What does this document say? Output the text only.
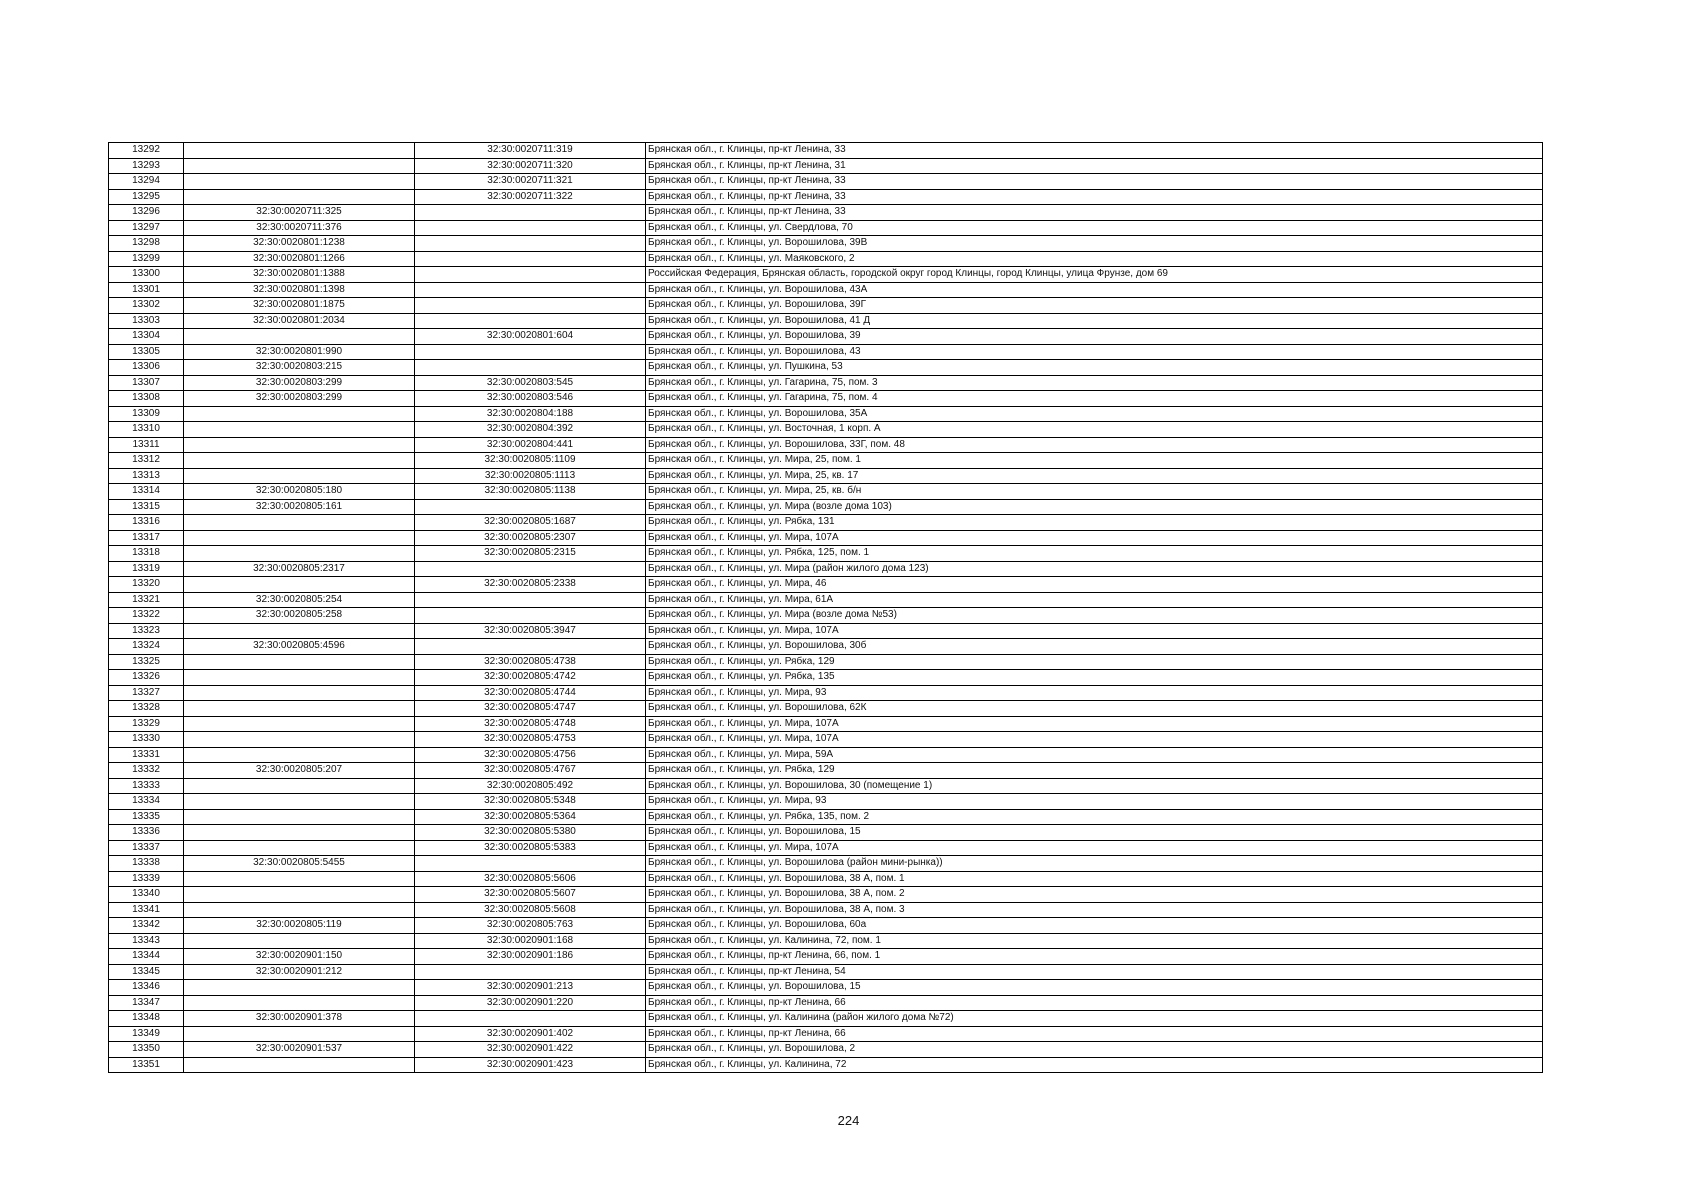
13292		32:30:0020711:319	Брянская обл., г. Клинцы, пр-кт Ленина, 33
13293		32:30:0020711:320	Брянская обл., г. Клинцы, пр-кт Ленина, 31
13294		32:30:0020711:321	Брянская обл., г. Клинцы, пр-кт Ленина, 33
13295		32:30:0020711:322	Брянская обл., г. Клинцы, пр-кт Ленина, 33
13296	32:30:0020711:325		Брянская обл., г. Клинцы, пр-кт Ленина, 33
13297	32:30:0020711:376		Брянская обл., г. Клинцы, ул. Свердлова, 70
13298	32:30:0020801:1238		Брянская обл., г. Клинцы, ул. Ворошилова, 39В
13299	32:30:0020801:1266		Брянская обл., г. Клинцы, ул. Маяковского, 2
13300	32:30:0020801:1388		Российская Федерация, Брянская область, городской округ город Клинцы, город Клинцы, улица Фрунзе, дом 69
13301	32:30:0020801:1398		Брянская обл., г. Клинцы, ул. Ворошилова, 43А
13302	32:30:0020801:1875		Брянская обл., г. Клинцы, ул. Ворошилова, 39Г
13303	32:30:0020801:2034		Брянская обл., г. Клинцы, ул. Ворошилова, 41 Д
13304		32:30:0020801:604	Брянская обл., г. Клинцы, ул. Ворошилова, 39
13305	32:30:0020801:990		Брянская обл., г. Клинцы, ул. Ворошилова, 43
13306	32:30:0020803:215		Брянская обл., г. Клинцы, ул. Пушкина, 53
13307	32:30:0020803:299	32:30:0020803:545	Брянская обл., г. Клинцы, ул. Гагарина, 75, пом. 3
13308	32:30:0020803:299	32:30:0020803:546	Брянская обл., г. Клинцы, ул. Гагарина, 75, пом. 4
13309		32:30:0020804:188	Брянская обл., г. Клинцы, ул. Ворошилова, 35А
13310		32:30:0020804:392	Брянская обл., г. Клинцы, ул. Восточная, 1 корп. А
13311		32:30:0020804:441	Брянская обл., г. Клинцы, ул. Ворошилова, 33Г, пом. 48
13312		32:30:0020805:1109	Брянская обл., г. Клинцы, ул. Мира, 25, пом. 1
13313		32:30:0020805:1113	Брянская обл., г. Клинцы, ул. Мира, 25, кв. 17
13314	32:30:0020805:180	32:30:0020805:1138	Брянская обл., г. Клинцы, ул. Мира, 25, кв. б/н
13315	32:30:0020805:161		Брянская обл., г. Клинцы, ул. Мира (возле дома 103)
13316		32:30:0020805:1687	Брянская обл., г. Клинцы, ул. Рябка, 131
13317		32:30:0020805:2307	Брянская обл., г. Клинцы, ул. Мира, 107А
13318		32:30:0020805:2315	Брянская обл., г. Клинцы, ул. Рябка, 125, пом. 1
13319	32:30:0020805:2317		Брянская обл., г. Клинцы, ул. Мира (район жилого дома 123)
13320		32:30:0020805:2338	Брянская обл., г. Клинцы, ул. Мира, 46
13321	32:30:0020805:254		Брянская обл., г. Клинцы, ул. Мира, 61А
13322	32:30:0020805:258		Брянская обл., г. Клинцы, ул. Мира (возле дома №53)
13323		32:30:0020805:3947	Брянская обл., г. Клинцы, ул. Мира, 107А
13324	32:30:0020805:4596		Брянская обл., г. Клинцы, ул. Ворошилова, 30б
13325		32:30:0020805:4738	Брянская обл., г. Клинцы, ул. Рябка, 129
13326		32:30:0020805:4742	Брянская обл., г. Клинцы, ул. Рябка, 135
13327		32:30:0020805:4744	Брянская обл., г. Клинцы, ул. Мира, 93
13328		32:30:0020805:4747	Брянская обл., г. Клинцы, ул. Ворошилова, 62К
13329		32:30:0020805:4748	Брянская обл., г. Клинцы, ул. Мира, 107А
13330		32:30:0020805:4753	Брянская обл., г. Клинцы, ул. Мира, 107А
13331		32:30:0020805:4756	Брянская обл., г. Клинцы, ул. Мира, 59А
13332	32:30:0020805:207	32:30:0020805:4767	Брянская обл., г. Клинцы, ул. Рябка, 129
13333		32:30:0020805:492	Брянская обл., г. Клинцы, ул. Ворошилова, 30 (помещение 1)
13334		32:30:0020805:5348	Брянская обл., г. Клинцы, ул. Мира, 93
13335		32:30:0020805:5364	Брянская обл., г. Клинцы, ул. Рябка, 135, пом. 2
13336		32:30:0020805:5380	Брянская обл., г. Клинцы, ул. Ворошилова, 15
13337		32:30:0020805:5383	Брянская обл., г. Клинцы, ул. Мира, 107А
13338	32:30:0020805:5455		Брянская обл., г. Клинцы, ул. Ворошилова (район мини-рынка))
13339		32:30:0020805:5606	Брянская обл., г. Клинцы, ул. Ворошилова, 38 А, пом. 1
13340		32:30:0020805:5607	Брянская обл., г. Клинцы, ул. Ворошилова, 38 А, пом. 2
13341		32:30:0020805:5608	Брянская обл., г. Клинцы, ул. Ворошилова, 38 А, пом. 3
13342	32:30:0020805:119	32:30:0020805:763	Брянская обл., г. Клинцы, ул. Ворошилова, 60а
13343		32:30:0020901:168	Брянская обл., г. Клинцы, ул. Калинина, 72, пом. 1
13344	32:30:0020901:150	32:30:0020901:186	Брянская обл., г. Клинцы, пр-кт Ленина, 66, пом. 1
13345	32:30:0020901:212		Брянская обл., г. Клинцы, пр-кт Ленина, 54
13346		32:30:0020901:213	Брянская обл., г. Клинцы, ул. Ворошилова, 15
13347		32:30:0020901:220	Брянская обл., г. Клинцы, пр-кт Ленина, 66
13348	32:30:0020901:378		Брянская обл., г. Клинцы, ул. Калинина (район жилого дома №72)
13349		32:30:0020901:402	Брянская обл., г. Клинцы, пр-кт Ленина, 66
13350	32:30:0020901:537	32:30:0020901:422	Брянская обл., г. Клинцы, ул. Ворошилова, 2
13351		32:30:0020901:423	Брянская обл., г. Клинцы, ул. Калинина, 72
224
